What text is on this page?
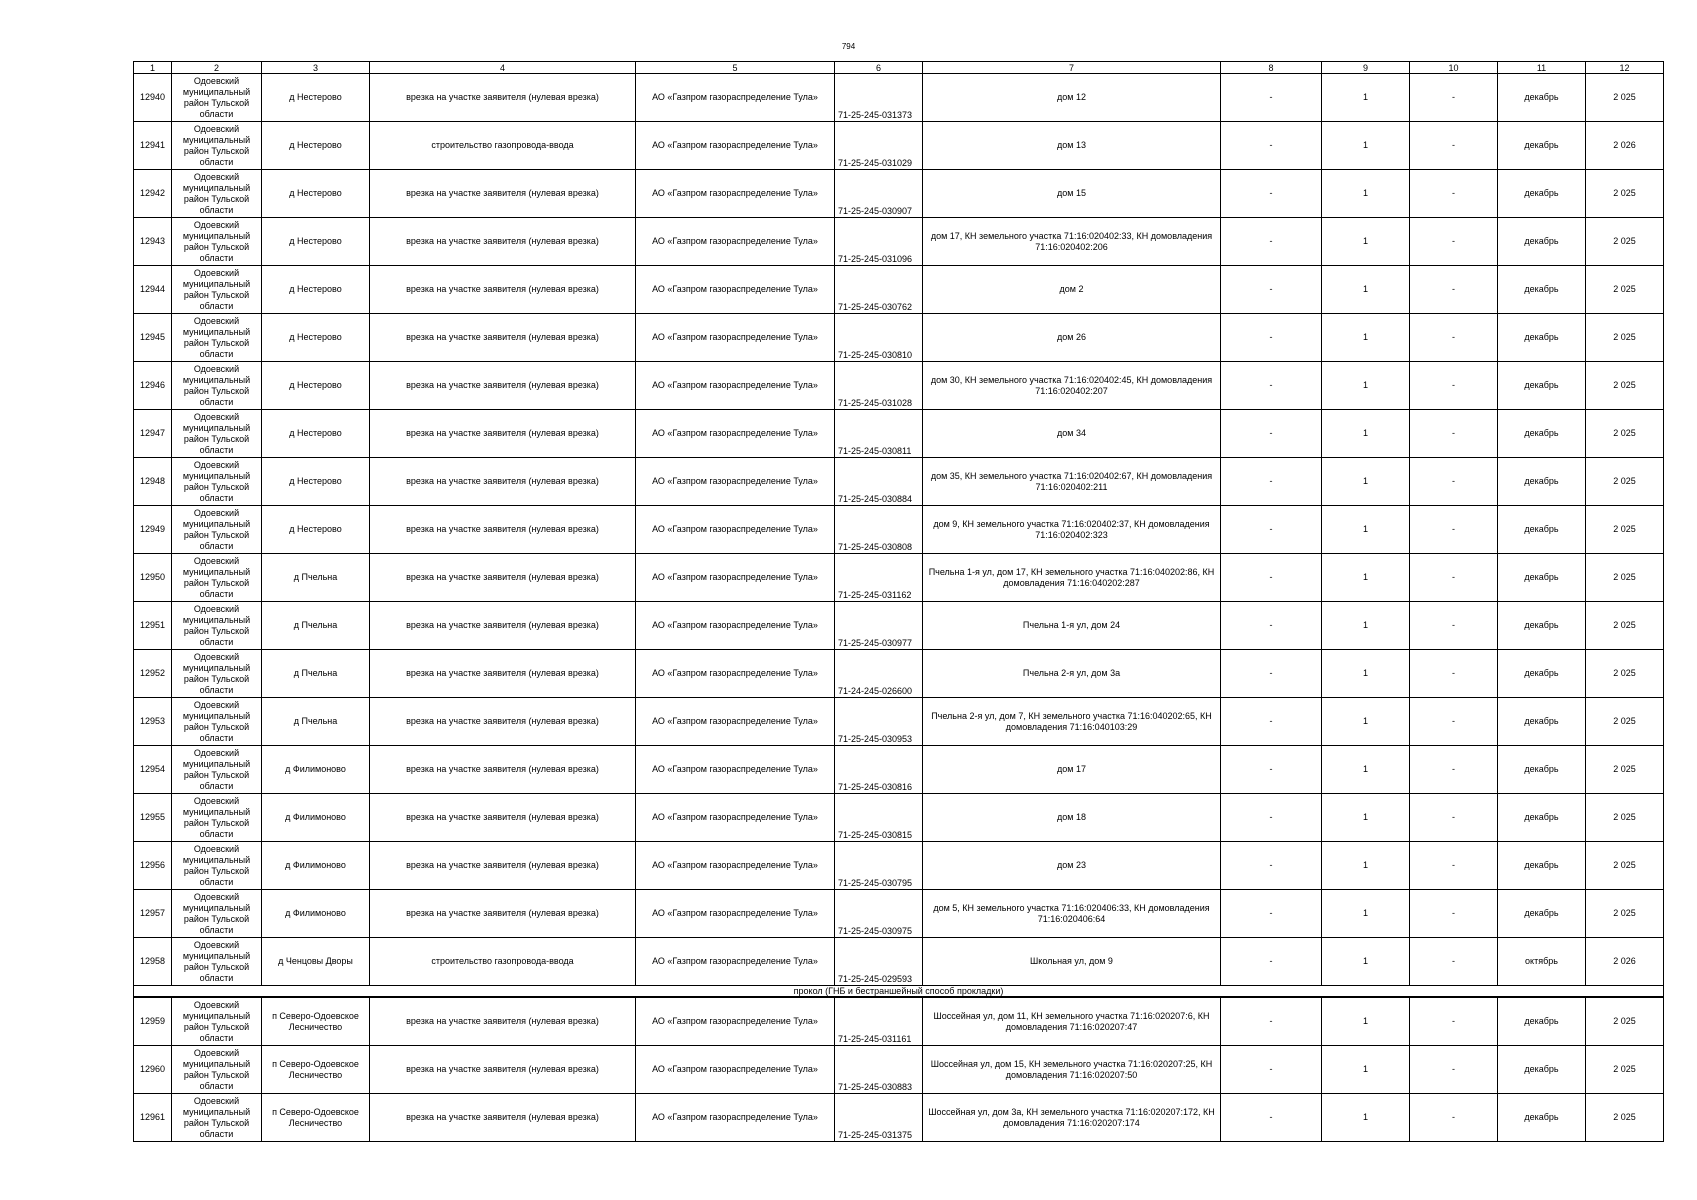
794
1	2	3	4	5	6	7	8	9	10	11	12
12940	Одоевский муниципальный район Тульской области	д Нестерово	врезка на участке заявителя (нулевая врезка)	АО «Газпром газораспределение Тула»	71-25-245-031373	дом 12	-	1	-	декабрь	2 025
12941	Одоевский муниципальный район Тульской области	д Нестерово	строительство газопровода-ввода	АО «Газпром газораспределение Тула»	71-25-245-031029	дом 13	-	1	-	декабрь	2 026
12942	Одоевский муниципальный район Тульской области	д Нестерово	врезка на участке заявителя (нулевая врезка)	АО «Газпром газораспределение Тула»	71-25-245-030907	дом 15	-	1	-	декабрь	2 025
12943	Одоевский муниципальный район Тульской области	д Нестерово	врезка на участке заявителя (нулевая врезка)	АО «Газпром газораспределение Тула»	71-25-245-031096	дом 17, КН земельного участка 71:16:020402:33, КН домовладения 71:16:020402:206	-	1	-	декабрь	2 025
12944	Одоевский муниципальный район Тульской области	д Нестерово	врезка на участке заявителя (нулевая врезка)	АО «Газпром газораспределение Тула»	71-25-245-030762	дом 2	-	1	-	декабрь	2 025
12945	Одоевский муниципальный район Тульской области	д Нестерово	врезка на участке заявителя (нулевая врезка)	АО «Газпром газораспределение Тула»	71-25-245-030810	дом 26	-	1	-	декабрь	2 025
12946	Одоевский муниципальный район Тульской области	д Нестерово	врезка на участке заявителя (нулевая врезка)	АО «Газпром газораспределение Тула»	71-25-245-031028	дом 30, КН земельного участка 71:16:020402:45, КН домовладения 71:16:020402:207	-	1	-	декабрь	2 025
12947	Одоевский муниципальный район Тульской области	д Нестерово	врезка на участке заявителя (нулевая врезка)	АО «Газпром газораспределение Тула»	71-25-245-030811	дом 34	-	1	-	декабрь	2 025
12948	Одоевский муниципальный район Тульской области	д Нестерово	врезка на участке заявителя (нулевая врезка)	АО «Газпром газораспределение Тула»	71-25-245-030884	дом 35, КН земельного участка 71:16:020402:67, КН домовладения 71:16:020402:211	-	1	-	декабрь	2 025
12949	Одоевский муниципальный район Тульской области	д Нестерово	врезка на участке заявителя (нулевая врезка)	АО «Газпром газораспределение Тула»	71-25-245-030808	дом 9, КН земельного участка 71:16:020402:37, КН домовладения 71:16:020402:323	-	1	-	декабрь	2 025
12950	Одоевский муниципальный район Тульской области	д Пчельна	врезка на участке заявителя (нулевая врезка)	АО «Газпром газораспределение Тула»	71-25-245-031162	Пчельна 1-я ул, дом 17, КН земельного участка 71:16:040202:86, КН домовладения 71:16:040202:287	-	1	-	декабрь	2 025
12951	Одоевский муниципальный район Тульской области	д Пчельна	врезка на участке заявителя (нулевая врезка)	АО «Газпром газораспределение Тула»	71-25-245-030977	Пчельна 1-я ул, дом 24	-	1	-	декабрь	2 025
12952	Одоевский муниципальный район Тульской области	д Пчельна	врезка на участке заявителя (нулевая врезка)	АО «Газпром газораспределение Тула»	71-24-245-026600	Пчельна 2-я ул, дом 3а	-	1	-	декабрь	2 025
12953	Одоевский муниципальный район Тульской области	д Пчельна	врезка на участке заявителя (нулевая врезка)	АО «Газпром газораспределение Тула»	71-25-245-030953	Пчельна 2-я ул, дом 7, КН земельного участка 71:16:040202:65, КН домовладения 71:16:040103:29	-	1	-	декабрь	2 025
12954	Одоевский муниципальный район Тульской области	д Филимоново	врезка на участке заявителя (нулевая врезка)	АО «Газпром газораспределение Тула»	71-25-245-030816	дом 17	-	1	-	декабрь	2 025
12955	Одоевский муниципальный район Тульской области	д Филимоново	врезка на участке заявителя (нулевая врезка)	АО «Газпром газораспределение Тула»	71-25-245-030815	дом 18	-	1	-	декабрь	2 025
12956	Одоевский муниципальный район Тульской области	д Филимоново	врезка на участке заявителя (нулевая врезка)	АО «Газпром газораспределение Тула»	71-25-245-030795	дом 23	-	1	-	декабрь	2 025
12957	Одоевский муниципальный район Тульской области	д Филимоново	врезка на участке заявителя (нулевая врезка)	АО «Газпром газораспределение Тула»	71-25-245-030975	дом 5, КН земельного участка 71:16:020406:33, КН домовладения 71:16:020406:64	-	1	-	декабрь	2 025
12958	Одоевский муниципальный район Тульской области	д Ченцовы Дворы	строительство газопровода-ввода	АО «Газпром газораспределение Тула»	71-25-245-029593	Школьная ул, дом 9	-	1	-	октябрь	2 026
прокол (ГНБ и бестраншейный способ прокладки)											
12959	Одоевский муниципальный район Тульской области	п Северо-Одоевское Лесничество	врезка на участке заявителя (нулевая врезка)	АО «Газпром газораспределение Тула»	71-25-245-031161	Шоссейная ул, дом 11, КН земельного участка 71:16:020207:6, КН домовладения 71:16:020207:47	-	1	-	декабрь	2 025
12960	Одоевский муниципальный район Тульской области	п Северо-Одоевское Лесничество	врезка на участке заявителя (нулевая врезка)	АО «Газпром газораспределение Тула»	71-25-245-030883	Шоссейная ул, дом 15, КН земельного участка 71:16:020207:25, КН домовладения 71:16:020207:50	-	1	-	декабрь	2 025
12961	Одоевский муниципальный район Тульской области	п Северо-Одоевское Лесничество	врезка на участке заявителя (нулевая врезка)	АО «Газпром газораспределение Тула»	71-25-245-031375	Шоссейная ул, дом 3а, КН земельного участка 71:16:020207:172, КН домовладения 71:16:020207:174	-	1	-	декабрь	2 025
